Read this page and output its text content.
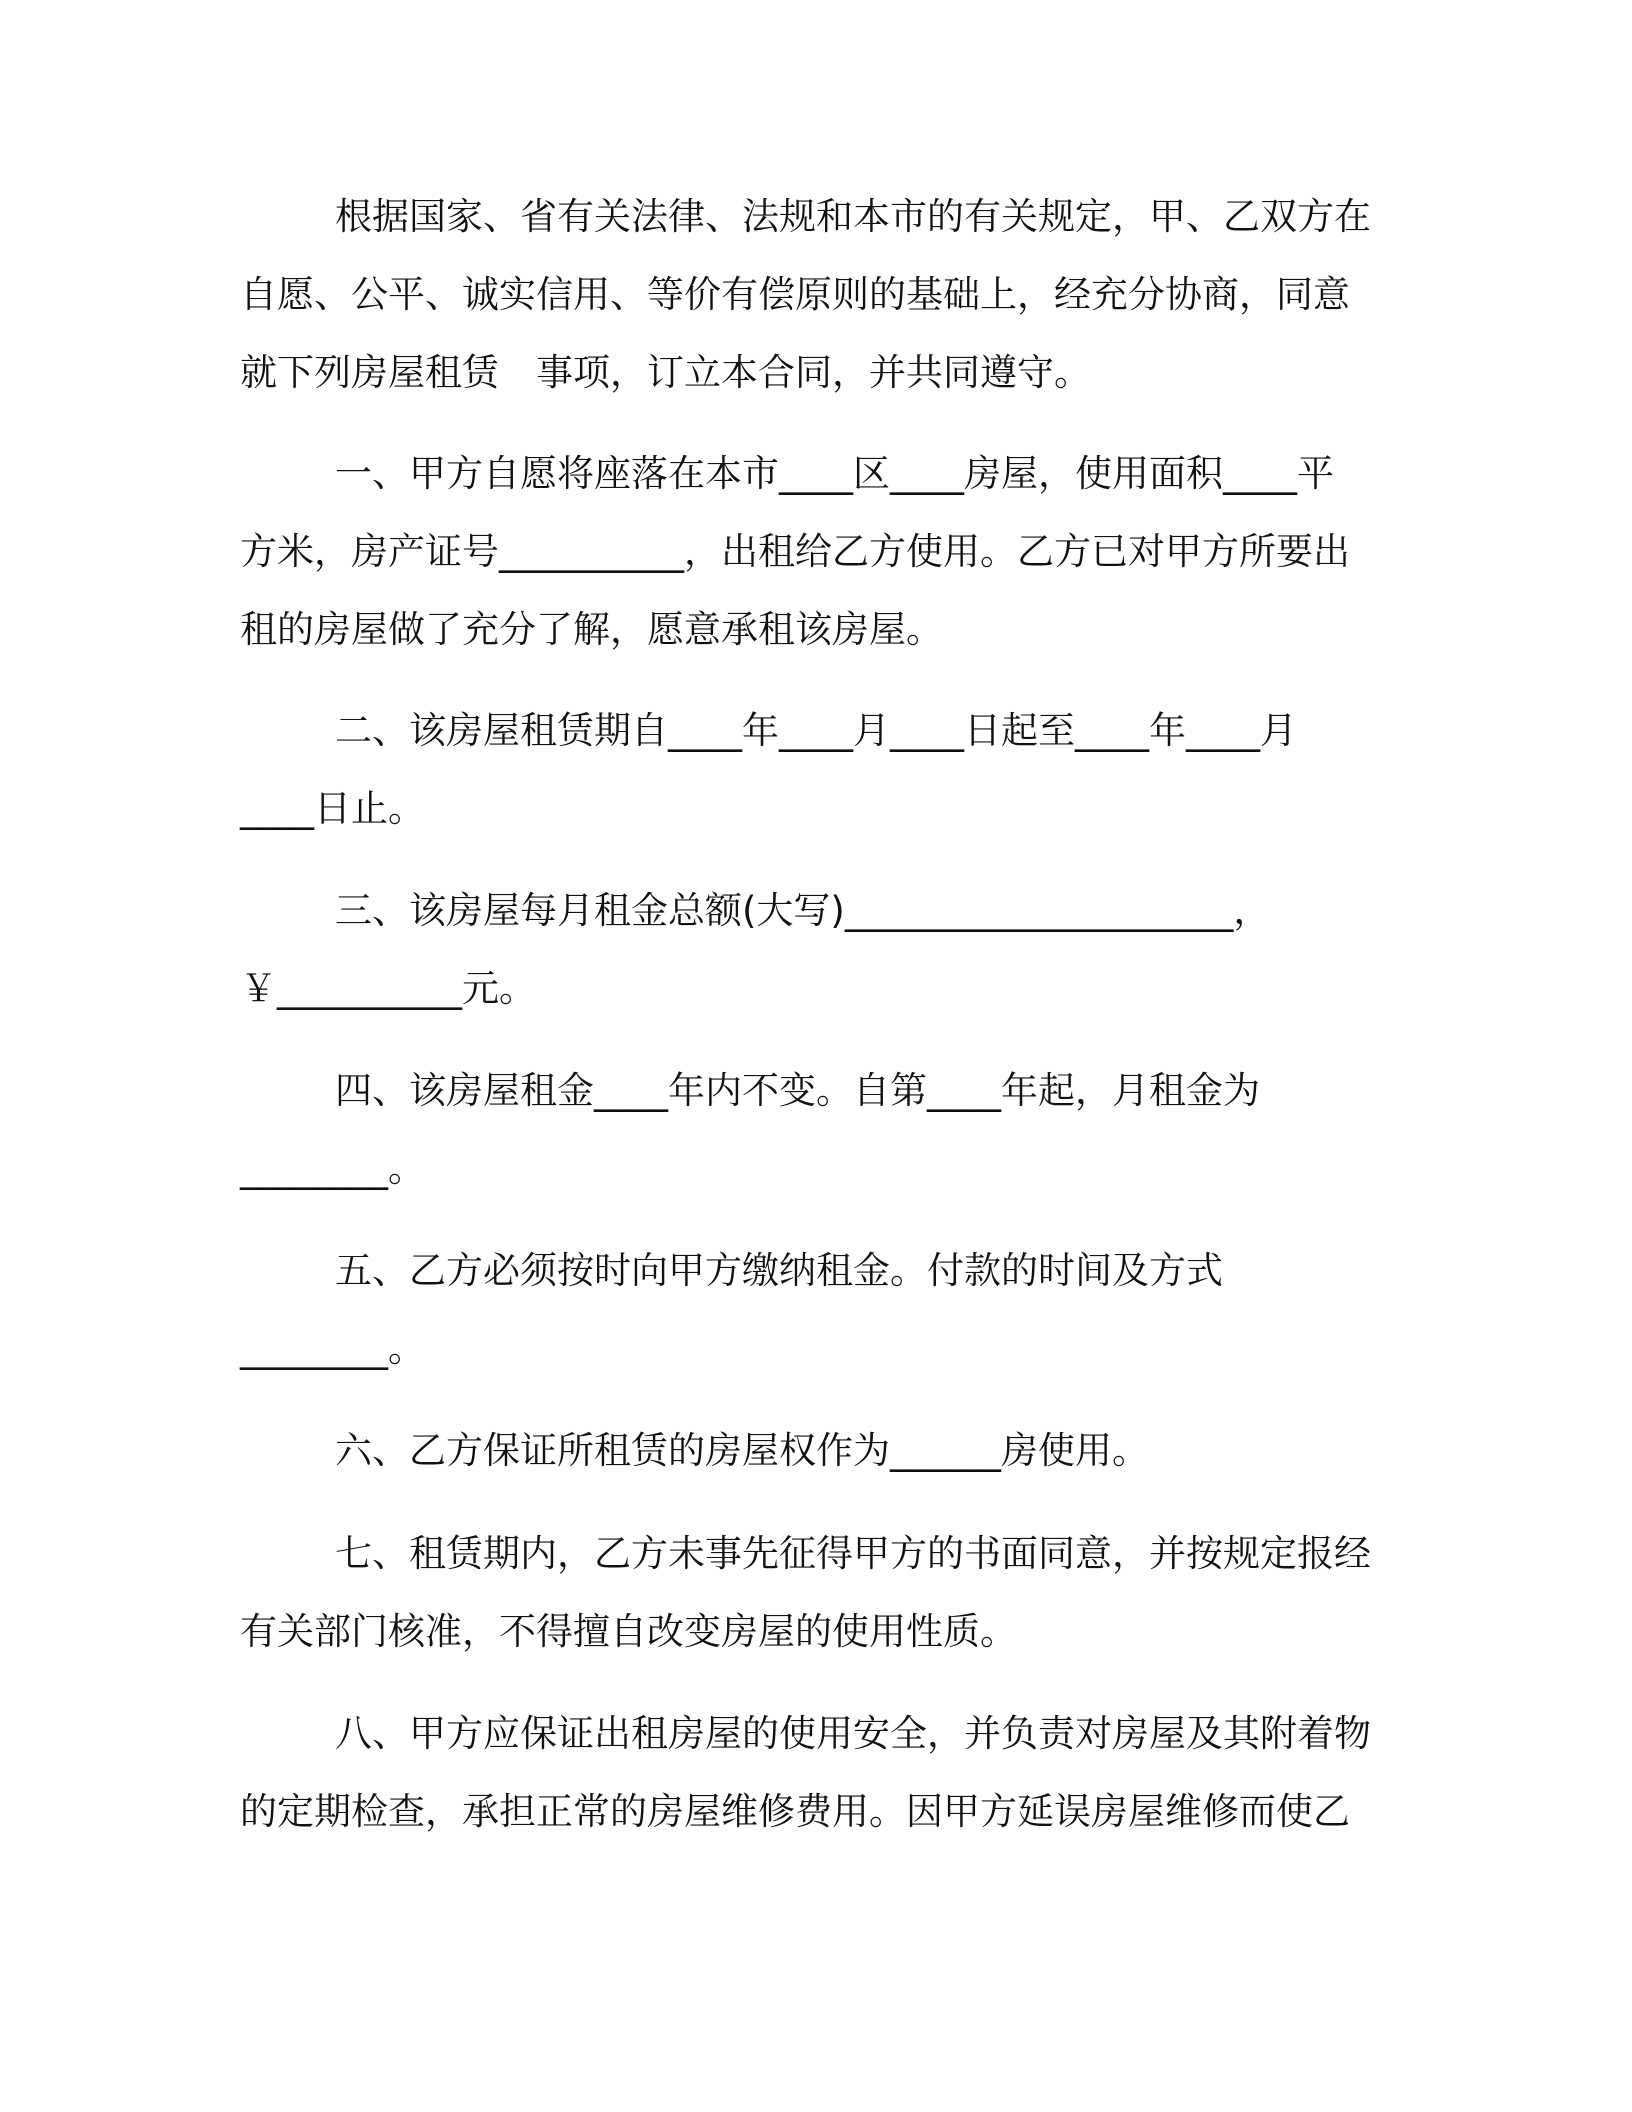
根据国家、省有关法律、法规和本市的有关规定，甲、乙双方在
自愿、公平、诚实信用、等价有偿原则的基础上，经充分协商，同意
就下列房屋租赁　事项，订立本合同，并共同遵守。
一、甲方自愿将座落在本市____区____房屋，使用面积____平
方米，房产证号__________，出租给乙方使用。乙方已对甲方所要出
租的房屋做了充分了解，愿意承租该房屋。
二、该房屋租赁期自____年____月____日起至____年____月
____日止。
三、该房屋每月租金总额(大写)_____________________，
￥__________元。
四、该房屋租金____年内不变。自第____年起，月租金为
________。
五、乙方必须按时向甲方缴纳租金。付款的时间及方式
________。
六、乙方保证所租赁的房屋权作为______房使用。
七、租赁期内，乙方未事先征得甲方的书面同意，并按规定报经
有关部门核准，不得擅自改变房屋的使用性质。
八、甲方应保证出租房屋的使用安全，并负责对房屋及其附着物
的定期检查，承担正常的房屋维修费用。因甲方延误房屋维修而使乙
